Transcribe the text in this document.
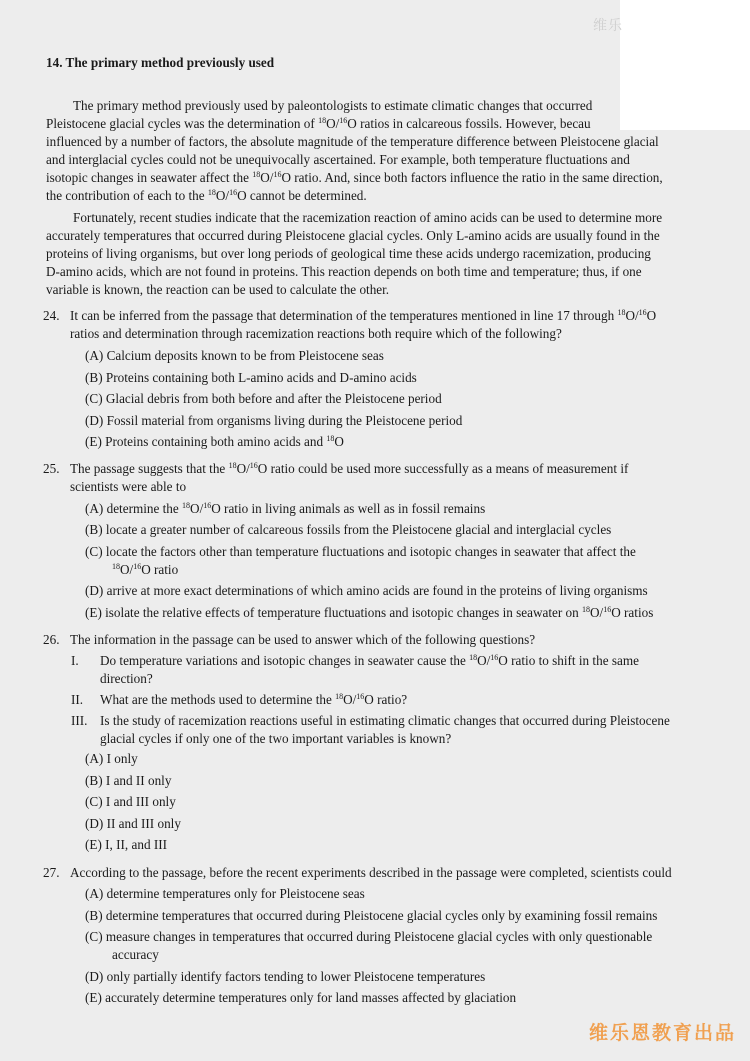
维乐
14. The primary method previously used
The primary method previously used by paleontologists to estimate climatic changes that occurred
Pleistocene glacial cycles was the determination of $^{18}$O/$^{16}$O ratios in calcareous fossils. However, becau
influenced by a number of factors, the absolute magnitude of the temperature difference between Pleistocene glacial
and interglacial cycles could not be unequivocally ascertained. For example, both temperature fluctuations and
isotopic changes in seawater affect the $^{18}$O/$^{16}$O ratio. And, since both factors influence the ratio in the same direction,
the contribution of each to the $^{18}$O/$^{16}$O cannot be determined.
Fortunately, recent studies indicate that the racemization reaction of amino acids can be used to determine more
accurately temperatures that occurred during Pleistocene glacial cycles. Only L-amino acids are usually found in the
proteins of living organisms, but over long periods of geological time these acids undergo racemization, producing
D-amino acids, which are not found in proteins. This reaction depends on both time and temperature; thus, if one
variable is known, the reaction can be used to calculate the other.
24. It can be inferred from the passage that determination of the temperatures mentioned in line 17 through $^{18}$O/$^{16}$O
ratios and determination through racemization reactions both require which of the following?
(A) Calcium deposits known to be from Pleistocene seas
(B) Proteins containing both L-amino acids and D-amino acids
(C) Glacial debris from both before and after the Pleistocene period
(D) Fossil material from organisms living during the Pleistocene period
(E) Proteins containing both amino acids and $^{18}$O
25. The passage suggests that the $^{18}$O/$^{16}$O ratio could be used more successfully as a means of measurement if
scientists were able to
(A) determine the $^{18}$O/$^{16}$O ratio in living animals as well as in fossil remains
(B) locate a greater number of calcareous fossils from the Pleistocene glacial and interglacial cycles
(C) locate the factors other than temperature fluctuations and isotopic changes in seawater that affect the
$^{18}$O/$^{16}$O ratio
(D) arrive at more exact determinations of which amino acids are found in the proteins of living organisms
(E) isolate the relative effects of temperature fluctuations and isotopic changes in seawater on $^{18}$O/$^{16}$O ratios
26. The information in the passage can be used to answer which of the following questions?
I. Do temperature variations and isotopic changes in seawater cause the $^{18}$O/$^{16}$O ratio to shift in the same
direction?
II. What are the methods used to determine the $^{18}$O/$^{16}$O ratio?
III. Is the study of racemization reactions useful in estimating climatic changes that occurred during Pleistocene
glacial cycles if only one of the two important variables is known?
(A) I only
(B) I and II only
(C) I and III only
(D) II and III only
(E) I, II, and III
27. According to the passage, before the recent experiments described in the passage were completed, scientists could
(A) determine temperatures only for Pleistocene seas
(B) determine temperatures that occurred during Pleistocene glacial cycles only by examining fossil remains
(C) measure changes in temperatures that occurred during Pleistocene glacial cycles with only questionable
accuracy
(D) only partially identify factors tending to lower Pleistocene temperatures
(E) accurately determine temperatures only for land masses affected by glaciation
维乐恩教育出品
